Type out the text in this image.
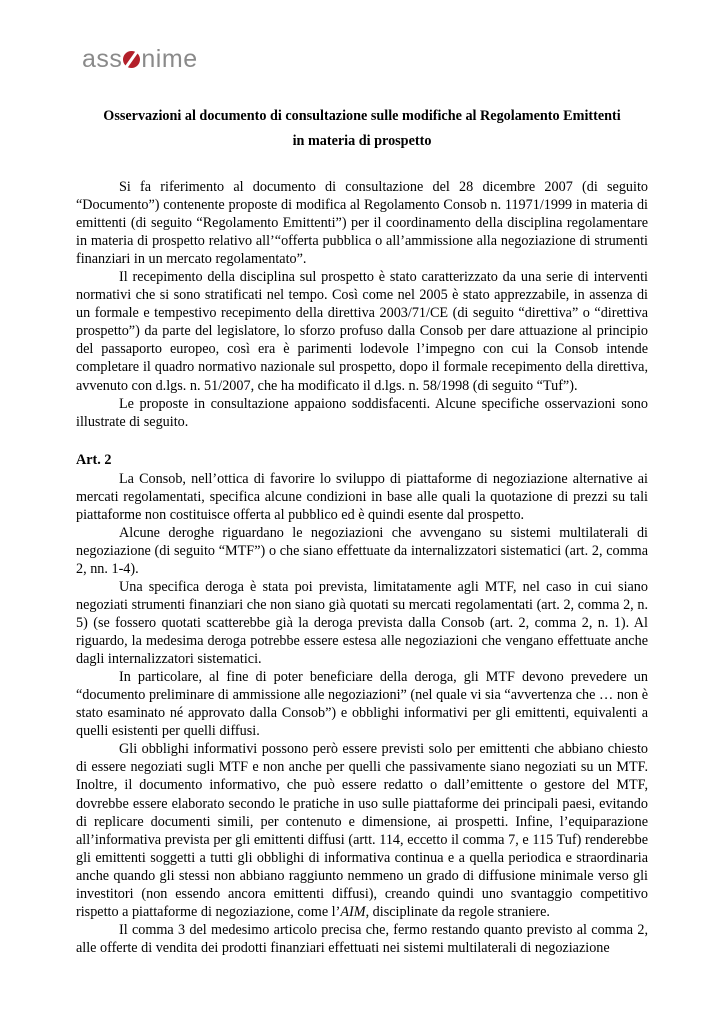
ass nime
Osservazioni al documento di consultazione sulle modifiche al Regolamento Emittenti
in materia di prospetto

Si fa riferimento al documento di consultazione del 28 dicembre 2007 (di seguito “Documento”) contenente proposte di modifica al Regolamento Consob n. 11971/1999 in materia di emittenti (di seguito “Regolamento Emittenti”) per il coordinamento della disciplina regolamentare in materia di prospetto relativo all’“offerta pubblica o all’ammissione alla negoziazione di strumenti finanziari in un mercato regolamentato”.

Il recepimento della disciplina sul prospetto è stato caratterizzato da una serie di interventi normativi che si sono stratificati nel tempo. Così come nel 2005 è stato apprezzabile, in assenza di un formale e tempestivo recepimento della direttiva 2003/71/CE (di seguito “direttiva” o “direttiva prospetto”) da parte del legislatore, lo sforzo profuso dalla Consob per dare attuazione al principio del passaporto europeo, così era è parimenti lodevole l’impegno con cui la Consob intende completare il quadro normativo nazionale sul prospetto, dopo il formale recepimento della direttiva, avvenuto con d.lgs. n. 51/2007, che ha modificato il d.lgs. n. 58/1998 (di seguito “Tuf”).

Le proposte in consultazione appaiono soddisfacenti. Alcune specifiche osservazioni sono illustrate di seguito.

Art. 2

La Consob, nell’ottica di favorire lo sviluppo di piattaforme di negoziazione alternative ai mercati regolamentati, specifica alcune condizioni in base alle quali la quotazione di prezzi su tali piattaforme non costituisce offerta al pubblico ed è quindi esente dal prospetto.

Alcune deroghe riguardano le negoziazioni che avvengano su sistemi multilaterali di negoziazione (di seguito “MTF”) o che siano effettuate da internalizzatori sistematici (art. 2, comma 2, nn. 1-4).

Una specifica deroga è stata poi prevista, limitatamente agli MTF, nel caso in cui siano negoziati strumenti finanziari che non siano già quotati su mercati regolamentati (art. 2, comma 2, n. 5) (se fossero quotati scatterebbe già la deroga prevista dalla Consob (art. 2, comma 2, n. 1). Al riguardo, la medesima deroga potrebbe essere estesa alle negoziazioni che vengano effettuate anche dagli internalizzatori sistematici.

In particolare, al fine di poter beneficiare della deroga, gli MTF devono prevedere un “documento preliminare di ammissione alle negoziazioni” (nel quale vi sia “avvertenza che … non è stato esaminato né approvato dalla Consob”) e obblighi informativi per gli emittenti, equivalenti a quelli esistenti per quelli diffusi.

Gli obblighi informativi possono però essere previsti solo per emittenti che abbiano chiesto di essere negoziati sugli MTF e non anche per quelli che passivamente siano negoziati su un MTF. Inoltre, il documento informativo, che può essere redatto o dall’emittente o gestore del MTF, dovrebbe essere elaborato secondo le pratiche in uso sulle piattaforme dei principali paesi, evitando di replicare documenti simili, per contenuto e dimensione, ai prospetti. Infine, l’equiparazione all’informativa prevista per gli emittenti diffusi (artt. 114, eccetto il comma 7, e 115 Tuf) renderebbe gli emittenti soggetti a tutti gli obblighi di informativa continua e a quella periodica e straordinaria anche quando gli stessi non abbiano raggiunto nemmeno un grado di diffusione minimale verso gli investitori (non essendo ancora emittenti diffusi), creando quindi uno svantaggio competitivo rispetto a piattaforme di negoziazione, come l’AIM, disciplinate da regole straniere.

Il comma 3 del medesimo articolo precisa che, fermo restando quanto previsto al comma 2, alle offerte di vendita dei prodotti finanziari effettuati nei sistemi multilaterali di negoziazione
